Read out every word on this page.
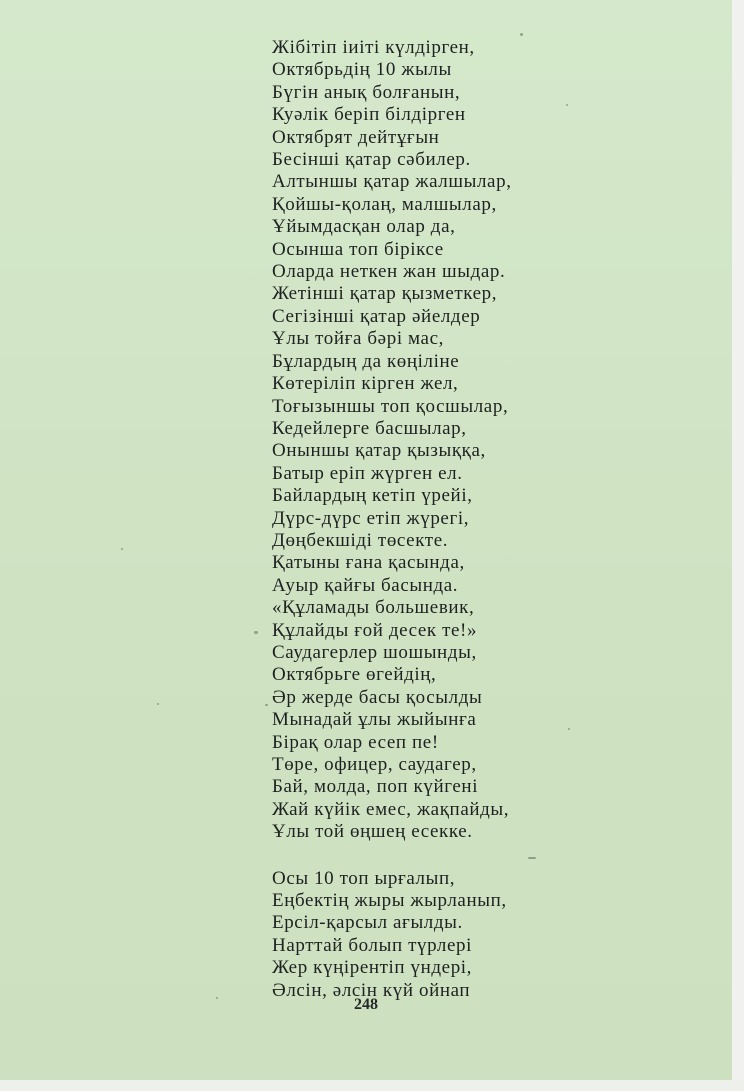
Жібітіп іиіті күлдірген,
Октябрьдің 10 жылы
Бүгін анық болғанын,
Куәлік беріп білдірген
Октябрят дейтұғын
Бесінші қатар сәбилер.
Алтыншы қатар жалшылар,
Қойшы-қолаң, малшылар,
Ұйымдасқан олар да,
Осынша топ біріксе
Оларда неткен жан шыдар.
Жетінші қатар қызметкер,
Сегізінші қатар әйелдер
Ұлы тойға бәрі мас,
Бұлардың да көңіліне
Көтеріліп кірген жел,
Тоғызыншы топ қосшылар,
Кедейлерге басшылар,
Оныншы қатар қызыққа,
Батыр еріп жүрген ел.
Байлардың кетіп үрейі,
Дүрс-дүрс етіп жүрегі,
Дөңбекшіді төсекте.
Қатыны ғана қасында,
Ауыр қайғы басында.
«Құламады большевик,
Құлайды ғой десек те!»
Саудагерлер шошынды,
Октябрьге өгейдің,
Әр жерде басы қосылды
Мынадай ұлы жыйынға
Бірақ олар есеп пе!
Төре, офицер, саудагер,
Бай, молда, поп күйгені
Жай күйік емес, жақпайды,
Ұлы той өңшең есекке.
Осы 10 топ ырғалып,
Еңбектің жыры жырланып,
Ерсіл-қарсыл ағылды.
Нарттай болып түрлері
Жер күңірентіп үндері,
Әлсін, әлсін күй ойнап
248
